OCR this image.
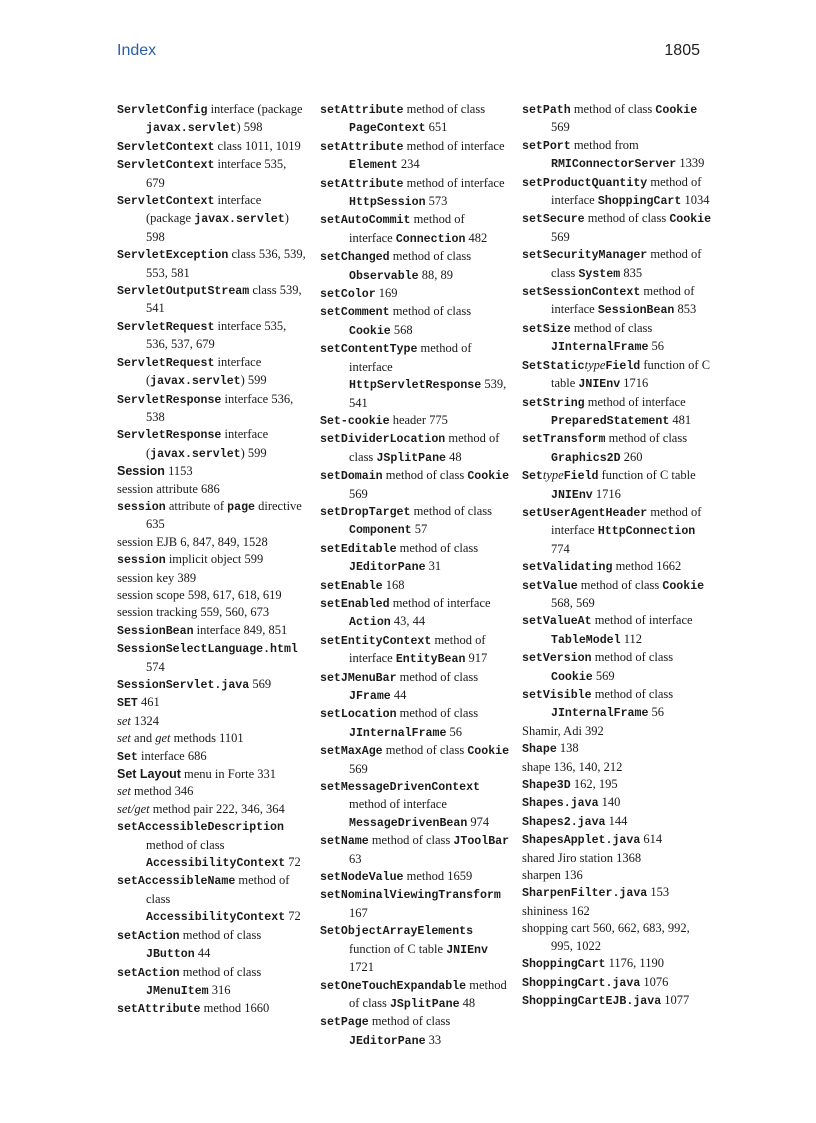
Index	1805
ServletConfig interface (package javax.servlet) 598
ServletContext class 1011, 1019
ServletContext interface 535, 679
ServletContext interface (package javax.servlet) 598
ServletException class 536, 539, 553, 581
ServletOutputStream class 539, 541
ServletRequest interface 535, 536, 537, 679
ServletRequest interface (javax.servlet) 599
ServletResponse interface 536, 538
ServletResponse interface (javax.servlet) 599
Session 1153
session attribute 686
session attribute of page directive 635
session EJB 6, 847, 849, 1528
session implicit object 599
session key 389
session scope 598, 617, 618, 619
session tracking 559, 560, 673
SessionBean interface 849, 851
SessionSelectLanguage.html 574
SessionServlet.java 569
SET 461
set 1324
set and get methods 1101
Set interface 686
Set Layout menu in Forte 331
set method 346
set/get method pair 222, 346, 364
setAccessibleDescription method of class AccessibilityContext 72
setAccessibleName method of class AccessibilityContext 72
setAction method of class JButton 44
setAction method of class JMenuItem 316
setAttribute method 1660
setAttribute method of class PageContext 651
setAttribute method of interface Element 234
setAttribute method of interface HttpSession 573
setAutoCommit method of interface Connection 482
setChanged method of class Observable 88, 89
setColor 169
setComment method of class Cookie 568
setContentType method of interface HttpServletResponse 539, 541
Set-cookie header 775
setDividerLocation method of class JSplitPane 48
setDomain method of class Cookie 569
setDropTarget method of class Component 57
setEditable method of class JEditorPane 31
setEnable 168
setEnabled method of interface Action 43, 44
setEntityContext method of interface EntityBean 917
setJMenuBar method of class JFrame 44
setLocation method of class JInternalFrame 56
setMaxAge method of class Cookie 569
setMessageDrivenContext method of interface MessageDrivenBean 974
setName method of class JToolBar 63
setNodeValue method 1659
setNominalViewingTransform 167
SetObjectArrayElements function of C table JNIEnv 1721
setOneTouchExpandable method of class JSplitPane 48
setPage method of class JEditorPane 33
setPath method of class Cookie 569
setPort method from RMIConnectorServer 1339
setProductQuantity method of interface ShoppingCart 1034
setSecure method of class Cookie 569
setSecurityManager method of class System 835
setSessionContext method of interface SessionBean 853
setSize method of class JInternalFrame 56
SetStatictypeField function of C table JNIEnv 1716
setString method of interface PreparedStatement 481
setTransform method of class Graphics2D 260
SettypeField function of C table JNIEnv 1716
setUserAgentHeader method of interface HttpConnection 774
setValidating method 1662
setValue method of class Cookie 568, 569
setValueAt method of interface TableModel 112
setVersion method of class Cookie 569
setVisible method of class JInternalFrame 56
Shamir, Adi 392
Shape 138
shape 136, 140, 212
Shape3D 162, 195
Shapes.java 140
Shapes2.java 144
ShapesApplet.java 614
shared Jiro station 1368
sharpen 136
SharpenFilter.java 153
shininess 162
shopping cart 560, 662, 683, 992, 995, 1022
ShoppingCart 1176, 1190
ShoppingCart.java 1076
ShoppingCartEJB.java 1077
